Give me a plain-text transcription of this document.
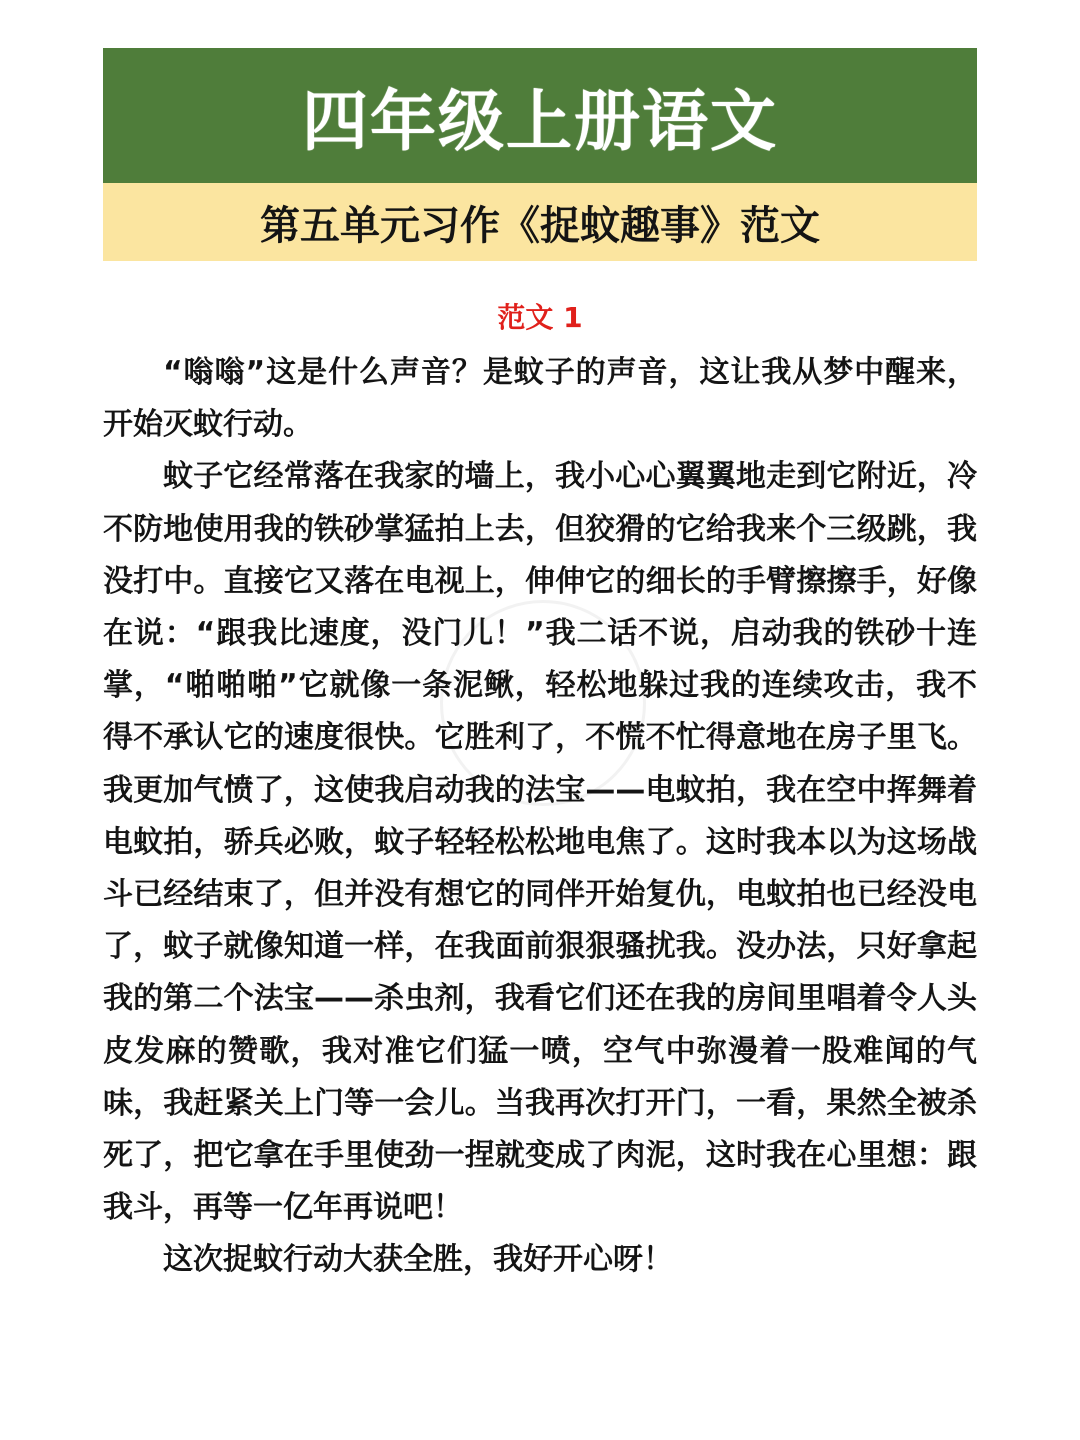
四年级上册语文
第五单元习作《捉蚊趣事》范文
范文 1

“嗡嗡”这是什么声音？是蚊子的声音，这让我从梦中醒来，开始灭蚊行动。

蚊子它经常落在我家的墙上，我小心心翼翼地走到它附近，冷不防地使用我的铁砂掌猛拍上去，但狡猾的它给我来个三级跳，我没打中。直接它又落在电视上，伸伸它的细长的手臂擦擦手，好像在说：“跟我比速度，没门儿！”我二话不说，启动我的铁砂十连掌，“啪啪啪”它就像一条泥鳅，轻松地躲过我的连续攻击，我不得不承认它的速度很快。它胜利了，不慌不忙得意地在房子里飞。我更加气愤了，这使我启动我的法宝——电蚊拍，我在空中挥舞着电蚊拍，骄兵必败，蚊子轻轻松松地电焦了。这时我本以为这场战斗已经结束了，但并没有想它的同伴开始复仇，电蚊拍也已经没电了，蚊子就像知道一样，在我面前狠狠骚扰我。没办法，只好拿起我的第二个法宝——杀虫剂，我看它们还在我的房间里唱着令人头皮发麻的赞歌，我对准它们猛一喷，空气中弥漫着一股难闻的气味，我赶紧关上门等一会儿。当我再次打开门，一看，果然全被杀死了，把它拿在手里使劲一捏就变成了肉泥，这时我在心里想：跟我斗，再等一亿年再说吧！

这次捉蚊行动大获全胜，我好开心呀！
